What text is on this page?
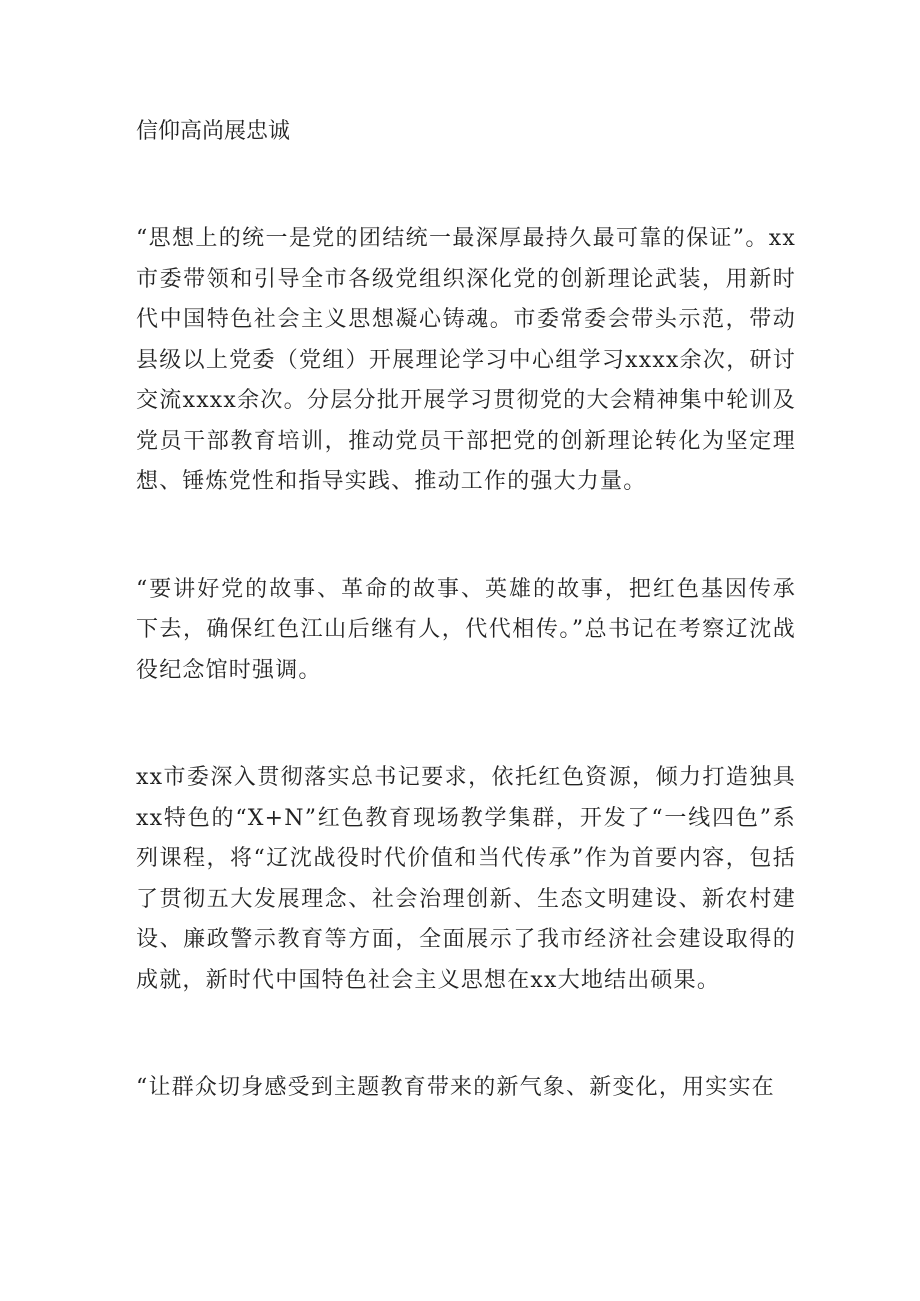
信仰高尚展忠诚

“思想上的统一是党的团结统一最深厚最持久最可靠的保证”。xx市委带领和引导全市各级党组织深化党的创新理论武装，用新时代中国特色社会主义思想凝心铸魂。市委常委会带头示范，带动县级以上党委（党组）开展理论学习中心组学习xxxx余次，研讨交流xxxx余次。分层分批开展学习贯彻党的大会精神集中轮训及党员干部教育培训，推动党员干部把党的创新理论转化为坚定理想、锤炼党性和指导实践、推动工作的强大力量。

“要讲好党的故事、革命的故事、英雄的故事，把红色基因传承下去，确保红色江山后继有人，代代相传。”总书记在考察辽沈战役纪念馆时强调。

xx市委深入贯彻落实总书记要求，依托红色资源，倾力打造独具xx特色的“X+N”红色教育现场教学集群，开发了“一线四色”系列课程，将“辽沈战役时代价值和当代传承”作为首要内容，包括了贯彻五大发展理念、社会治理创新、生态文明建设、新农村建设、廉政警示教育等方面，全面展示了我市经济社会建设取得的成就，新时代中国特色社会主义思想在xx大地结出硕果。

“让群众切身感受到主题教育带来的新气象、新变化，用实实在
